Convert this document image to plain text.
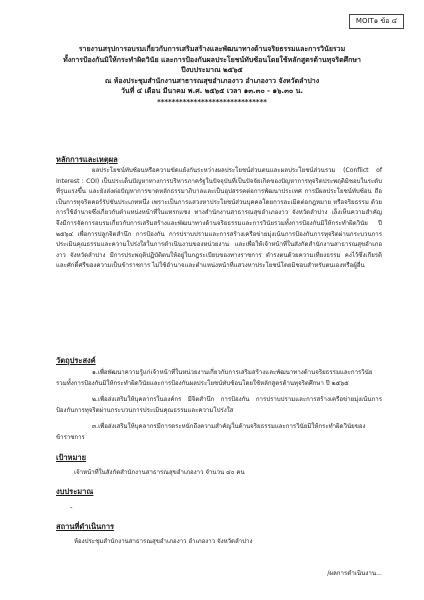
MOIT๑ ข้อ ๔
รายงานสรุปการอบรมเกี่ยวกับการเสริมสร้างและพัฒนาทางด้านจริยธรรมและการวินัยรวม
ทั้งการป้องกันมิให้กระทำผิดวินัย และการป้องกันผลประโยชน์ทับซ้อนโดยใช้หลักสูตรต้านทุจริตศึกษา
ปีงบประมาณ ๒๕๖๕
ณ ห้องประชุมสำนักงานสาธารณสุขอำเภองาว อำเภองาว จังหวัดลำปาง
วันที่ ๔ เดือน มีนาคม พ.ศ. ๒๕๖๕ เวลา ๑๓.๓๐ - ๑๖.๓๐ น.
******************************
หลักการและเหตุผล

ผลประโยชน์ทับซ้อนหรือความขัดแย้งกันระหว่างผลประโยชน์ส่วนตนและผลประโยชน์ส่วนรวม (Conflict of Interest : COI) เป็นประเด็นปัญหาทางการบริหารภาครัฐในปัจจุบันที่เป็นปัจจัยเกิดของปัญหาการทุจริตประพฤติมิชอบในระดับที่รุนแรงขึ้น และยังส่งต่อปัญหาการขาดหลักธรรมาภิบาลและเป็นอุปสรรคต่อการพัฒนาประเทศ การมีผลประโยชน์ทับซ้อน ถือเป็นการทุจริตคอร์รัปชันประเภทหนึ่ง เพราะเป็นการแสวงหาประโยชน์ส่วนบุคคลโดยการละเมิดต่อกฎหมาย หรือจริยธรรม ด้วยการใช้อำนาจซึ่งเกี่ยวกับตำแหน่งหน้าที่ในแทรกแซง ทางสำนักงานสาธารณสุขอำเภองาว จังหวัดลำปาง เล็งเห็นความสำคัญ จึงมีการจัดการอบรมเกี่ยวกับการเสริมสร้างและพัฒนาทางด้านจริยธรรมและการวินัยรวมทั้งการป้องกันมิให้กระทำผิดวินัย ปี ๒๕๖๔ เพื่อการปลูกจิตสำนึก การป้องกัน การปราบปรามและการสร้างเครือข่ายมุ่งเน้นการป้องกันการทุจริตผ่านกระบวนการประเมินคุณธรรมและความโปร่งใสในการดำเนินงานของหน่วยงาน และเพื่อให้เจ้าหน้าที่ในสังกัดสำนักงานสาธารณสุขอำเภองาว จังหวัดลำปาง มีการประพฤติปฏิบัติตนให้อยู่ในกฎระเบียบของทางราชการ ตำรงตนด้วยความเที่ยงธรรม คงไว้ซึ่งเกียรติและศักดิ์ศรีของความเป็นข้าราชการ ไม่ใช้อำนาจและตำแหน่งหน้าที่แสวงหาประโยชน์โดยมิชอบสำหรับตนเองหรือผู้อื่น

วัตถุประสงค์

๑.เพื่อพัฒนาความรู้แก่เจ้าหน้าที่ในหน่วยงานเกี่ยวกับการเสริมสร้างและพัฒนาทางด้านจริยธรรมและการวินัยรวมทั้งการป้องกันมิให้กระทำผิดวินัยและการป้องกันผลประโยชน์ทับซ้อนโดยใช้หลักสูตรต้านทุจริตศึกษา ปี ๒๕๖๕

๒.เพื่อส่งเสริมให้บุคลากรในองค์กร มีจิตสำนึก การป้องกัน การปราบปรามและการสร้างเครือข่ายมุ่งเน้นการป้องกันการทุจริตผ่านกระบวนการประเมินคุณธรรมและความโปร่งใส

๓.เพื่อส่งเสริมให้บุคลากรมีการตระหนักถึงความสำคัญในด้านจริยธรรมและการวินัยมิให้กระทำผิดวินัยของข้าราชการ

เป้าหมาย
เจ้าหน้าที่ในสังกัดสำนักงานสาธารณสุขอำเภองาว จำนวน ๔๐ คน
งบประมาณ
-
สถานที่ดำเนินการ
ห้องประชุมสำนักงานสาธารณสุขอำเภองาว อำเภองาว จังหวัดลำปาง
/ผลการดำเนินงาน...
